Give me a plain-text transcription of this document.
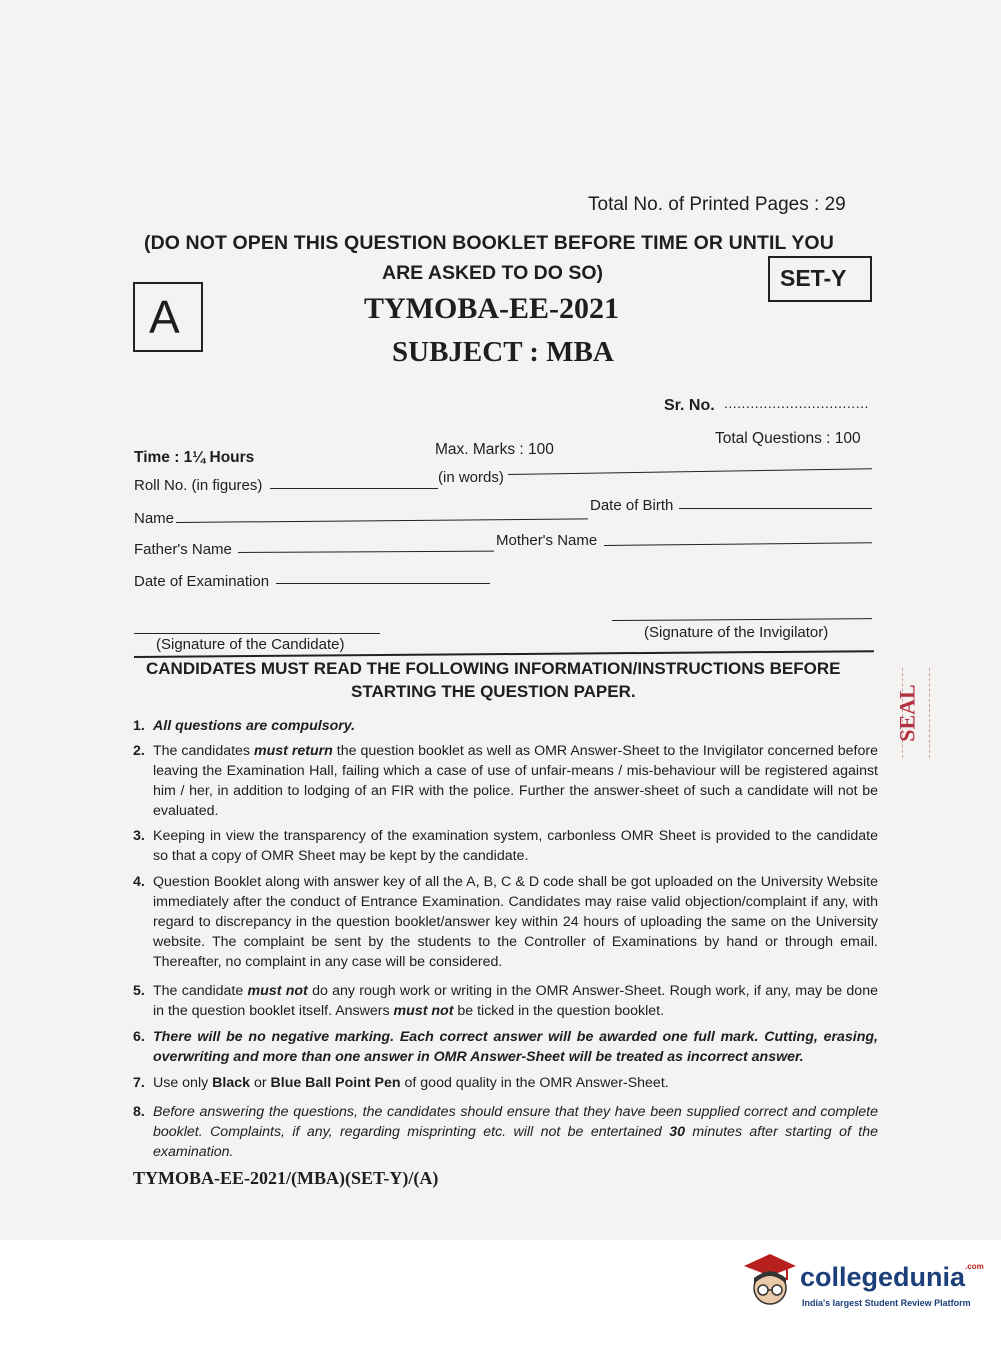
Total No. of Printed Pages : 29
(DO NOT OPEN THIS QUESTION BOOKLET BEFORE TIME OR UNTIL YOU
ARE ASKED TO DO SO)	SET-Y
A	TYMOBA-EE-2021
SUBJECT : MBA
Sr. No. .................................
Time : 1¼ Hours	Max. Marks : 100
Total Questions : 100
Roll No. (in figures)	(in words)
Name
Date of Birth
Father's Name
Mother's Name
Date of Examination
(Signature of the Candidate)
(Signature of the Invigilator)
CANDIDATES MUST READ THE FOLLOWING INFORMATION/INSTRUCTIONS BEFORE
STARTING THE QUESTION PAPER.	SEAL
1. All questions are compulsory.
2. The candidates must return the question booklet as well as OMR Answer-Sheet to the Invigilator concerned before leaving the Examination Hall, failing which a case of use of unfair-means / mis-behaviour will be registered against him / her, in addition to lodging of an FIR with the police. Further the answer-sheet of such a candidate will not be evaluated.
3. Keeping in view the transparency of the examination system, carbonless OMR Sheet is provided to the candidate so that a copy of OMR Sheet may be kept by the candidate.
4. Question Booklet along with answer key of all the A, B, C & D code shall be got uploaded on the University Website immediately after the conduct of Entrance Examination. Candidates may raise valid objection/complaint if any, with regard to discrepancy in the question booklet/answer key within 24 hours of uploading the same on the University website. The complaint be sent by the students to the Controller of Examinations by hand or through email. Thereafter, no complaint in any case will be considered.
5. The candidate must not do any rough work or writing in the OMR Answer-Sheet. Rough work, if any, may be done in the question booklet itself. Answers must not be ticked in the question booklet.
6. There will be no negative marking. Each correct answer will be awarded one full mark. Cutting, erasing, overwriting and more than one answer in OMR Answer-Sheet will be treated as incorrect answer.
7. Use only Black or Blue Ball Point Pen of good quality in the OMR Answer-Sheet.
8. Before answering the questions, the candidates should ensure that they have been supplied correct and complete booklet. Complaints, if any, regarding misprinting etc. will not be entertained 30 minutes after starting of the examination.
TYMOBA-EE-2021/(MBA)(SET-Y)/(A)
collegedunia$^{.com}$
India's largest Student Review Platform
